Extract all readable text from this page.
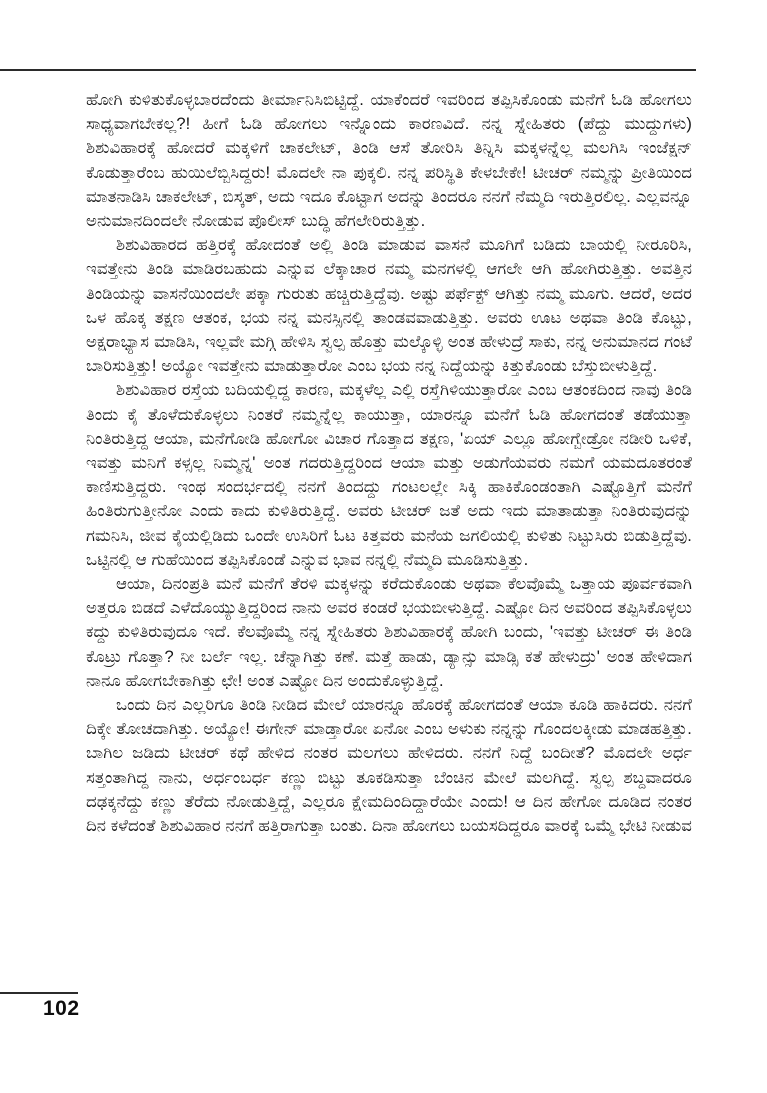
ಹೋಗಿ ಕುಳಿತುಕೊಳ್ಳಬಾರದೆಂದು ತೀರ್ಮಾನಿಸಿಬಿಟ್ಟಿದ್ದೆ. ಯಾಕೆಂದರೆ ಇವರಿಂದ ತಪ್ಪಿಸಿಕೊಂಡು ಮನೆಗೆ ಓಡಿ ಹೋಗಲು ಸಾಧ್ಯವಾಗಬೇಕಲ್ಲ?! ಹೀಗೆ ಓಡಿ ಹೋಗಲು ಇನ್ನೊಂದು ಕಾರಣವಿದೆ. ನನ್ನ ಸ್ನೇಹಿತರು (ಪೆದ್ದು ಮುದ್ದುಗಳು) ಶಿಶುವಿಹಾರಕ್ಕೆ ಹೋದರೆ ಮಕ್ಕಳಿಗೆ ಚಾಕಲೇಟ್, ತಿಂಡಿ ಆಸೆ ತೋರಿಸಿ ತಿನ್ನಿಸಿ ಮಕ್ಕಳನ್ನೆಲ್ಲ ಮಲಗಿಸಿ ಇಂಜೆಕ್ಷನ್ ಕೊಡುತ್ತಾರೆಂಬ ಹುಯಿಲೆಬ್ಬಿಸಿದ್ದರು! ಮೊದಲೇ ನಾ ಪುಕ್ಕಲಿ. ನನ್ನ ಪರಿಸ್ಥಿತಿ ಕೇಳಬೇಕೇ! ಟೀಚರ್ ನಮ್ಮನ್ನು ಪ್ರೀತಿಯಿಂದ ಮಾತನಾಡಿಸಿ ಚಾಕಲೇಟ್, ಬಿಸ್ಕತ್, ಅದು ಇದೂ ಕೊಟ್ಟಾಗ ಅದನ್ನು ತಿಂದರೂ ನನಗೆ ನೆಮ್ಮದಿ ಇರುತ್ತಿರಲಿಲ್ಲ. ಎಲ್ಲವನ್ನೂ ಅನುಮಾನದಿಂದಲೇ ನೋಡುವ ಪೊಲೀಸ್ ಬುದ್ಧಿ ಹೆಗಲೇರಿರುತ್ತಿತ್ತು.

ಶಿಶುವಿಹಾರದ ಹತ್ತಿರಕ್ಕೆ ಹೋದಂತೆ ಅಲ್ಲಿ ತಿಂಡಿ ಮಾಡುವ ವಾಸನೆ ಮೂಗಿಗೆ ಬಡಿದು ಬಾಯಲ್ಲಿ ನೀರೂರಿಸಿ, ಇವತ್ತೇನು ತಿಂಡಿ ಮಾಡಿರಬಹುದು ಎನ್ನುವ ಲೆಕ್ಕಾಚಾರ ನಮ್ಮ ಮನಗಳಲ್ಲಿ ಆಗಲೇ ಆಗಿ ಹೋಗಿರುತ್ತಿತ್ತು. ಅವತ್ತಿನ ತಿಂಡಿಯನ್ನು ವಾಸನೆಯಿಂದಲೇ ಪಕ್ಕಾ ಗುರುತು ಹಚ್ಚಿರುತ್ತಿದ್ದೆವು. ಅಷ್ಟು ಪರ್ಫೆಕ್ಟ್ ಆಗಿತ್ತು ನಮ್ಮ ಮೂಗು. ಆದರೆ, ಅದರ ಒಳ ಹೊಕ್ಕ ತಕ್ಷಣ ಆತಂಕ, ಭಯ ನನ್ನ ಮನಸ್ಸಿನಲ್ಲಿ ತಾಂಡವವಾಡುತ್ತಿತ್ತು. ಅವರು ಊಟ ಅಥವಾ ತಿಂಡಿ ಕೊಟ್ಟು, ಅಕ್ಷರಾಭ್ಯಾಸ ಮಾಡಿಸಿ, ಇಲ್ಲವೇ ಮಗ್ಗಿ ಹೇಳಿಸಿ ಸ್ವಲ್ಪ ಹೊತ್ತು ಮಲ್ಕೊಳ್ಳಿ ಅಂತ ಹೇಳುದ್ರೆ ಸಾಕು, ನನ್ನ ಅನುಮಾನದ ಗಂಟೆ ಬಾರಿಸುತ್ತಿತ್ತು! ಅಯ್ಯೋ ಇವತ್ತೇನು ಮಾಡುತ್ತಾರೋ ಎಂಬ ಭಯ ನನ್ನ ನಿದ್ದೆಯನ್ನು ಕಿತ್ತುಕೊಂಡು ಬೆಸ್ತುಬೀಳುತ್ತಿದ್ದೆ.

ಶಿಶುವಿಹಾರ ರಸ್ತೆಯ ಬದಿಯಲ್ಲಿದ್ದ ಕಾರಣ, ಮಕ್ಕಳೆಲ್ಲ ಎಲ್ಲಿ ರಸ್ತೆಗಿಳಿಯುತ್ತಾರೋ ಎಂಬ ಆತಂಕದಿಂದ ನಾವು ತಿಂಡಿ ತಿಂದು ಕೈ ತೊಳೆದುಕೊಳ್ಳಲು ನಿಂತರೆ ನಮ್ಮನ್ನೆಲ್ಲ ಕಾಯುತ್ತಾ, ಯಾರನ್ನೂ ಮನೆಗೆ ಓಡಿ ಹೋಗದಂತೆ ತಡೆಯುತ್ತಾ ನಿಂತಿರುತ್ತಿದ್ದ ಆಯಾ, ಮನೆಗೋಡಿ ಹೋಗೋ ವಿಚಾರ ಗೊತ್ತಾದ ತಕ್ಷಣ, 'ಏಯ್ ಎಲ್ಲೂ ಹೋಗ್ಬೇಡ್ರೋ ನಡೀರಿ ಒಳಿಕೆ, ಇವತ್ತು ಮನಿಗೆ ಕಳ್ಸಲ್ಲ ನಿಮ್ಮನ್ನ' ಅಂತ ಗದರುತ್ತಿದ್ದರಿಂದ ಆಯಾ ಮತ್ತು ಅಡುಗೆಯವರು ನಮಗೆ ಯಮದೂತರಂತೆ ಕಾಣಿಸುತ್ತಿದ್ದರು. ಇಂಥ ಸಂದರ್ಭದಲ್ಲಿ ನನಗೆ ತಿಂದದ್ದು ಗಂಟಲಲ್ಲೇ ಸಿಕ್ಕಿ ಹಾಕಿಕೊಂಡಂತಾಗಿ ಎಷ್ಟೊತ್ತಿಗೆ ಮನೆಗೆ ಹಿಂತಿರುಗುತ್ತೀನೋ ಎಂದು ಕಾದು ಕುಳಿತಿರುತ್ತಿದ್ದೆ. ಅವರು ಟೀಚರ್ ಜತೆ ಅದು ಇದು ಮಾತಾಡುತ್ತಾ ನಿಂತಿರುವುದನ್ನು ಗಮನಿಸಿ, ಜೀವ ಕೈಯಲ್ಲಿಡಿದು ಒಂದೇ ಉಸಿರಿಗೆ ಓಟ ಕಿತ್ತವರು ಮನೆಯ ಜಗಲಿಯಲ್ಲಿ ಕುಳಿತು ನಿಟ್ಟುಸಿರು ಬಿಡುತ್ತಿದ್ದೆವು. ಒಟ್ಟಿನಲ್ಲಿ ಆ ಗುಹೆಯಿಂದ ತಪ್ಪಿಸಿಕೊಂಡೆ ಎನ್ನುವ ಭಾವ ನನ್ನಲ್ಲಿ ನೆಮ್ಮದಿ ಮೂಡಿಸುತ್ತಿತ್ತು.

ಆಯಾ, ದಿನಂಪ್ರತಿ ಮನೆ ಮನೆಗೆ ತೆರಳಿ ಮಕ್ಕಳನ್ನು ಕರೆದುಕೊಂಡು ಅಥವಾ ಕೆಲವೊಮ್ಮೆ ಒತ್ತಾಯ ಪೂರ್ವಕವಾಗಿ ಅತ್ತರೂ ಬಿಡದೆ ಎಳೆದೊಯ್ಯುತ್ತಿದ್ದರಿಂದ ನಾನು ಅವರ ಕಂಡರೆ ಭಯಬೀಳುತ್ತಿದ್ದೆ. ಎಷ್ಟೋ ದಿನ ಅವರಿಂದ ತಪ್ಪಿಸಿಕೊಳ್ಳಲು ಕದ್ದು ಕುಳಿತಿರುವುದೂ ಇದೆ. ಕೆಲವೊಮ್ಮೆ ನನ್ನ ಸ್ನೇಹಿತರು ಶಿಶುವಿಹಾರಕ್ಕೆ ಹೋಗಿ ಬಂದು, 'ಇವತ್ತು ಟೀಚರ್ ಈ ತಿಂಡಿ ಕೊಟ್ರು ಗೊತ್ತಾ? ನೀ ಬರ್ಲೆ ಇಲ್ಲ. ಚೆನ್ನಾಗಿತ್ತು ಕಣೆ. ಮತ್ತೆ ಹಾಡು, ಡ್ಯಾನ್ಸು ಮಾಡ್ಸಿ ಕತೆ ಹೇಳುದ್ರು' ಅಂತ ಹೇಳಿದಾಗ ನಾನೂ ಹೋಗಬೇಕಾಗಿತ್ತು ಛೇ! ಅಂತ ಎಷ್ಟೋ ದಿನ ಅಂದುಕೊಳ್ಳುತ್ತಿದ್ದೆ.

ಒಂದು ದಿನ ಎಲ್ಲರಿಗೂ ತಿಂಡಿ ನೀಡಿದ ಮೇಲೆ ಯಾರನ್ನೂ ಹೊರಕ್ಕೆ ಹೋಗದಂತೆ ಆಯಾ ಕೂಡಿ ಹಾಕಿದರು. ನನಗೆ ದಿಕ್ಕೇ ತೋಚದಾಗಿತ್ತು. ಅಯ್ಯೋ! ಈಗೇನ್ ಮಾಡ್ತಾರೋ ಏನೋ ಎಂಬ ಅಳುಕು ನನ್ನನ್ನು ಗೊಂದಲಕ್ಕೀಡು ಮಾಡಹತ್ತಿತ್ತು. ಬಾಗಿಲ ಜಡಿದು ಟೀಚರ್ ಕಥೆ ಹೇಳಿದ ನಂತರ ಮಲಗಲು ಹೇಳಿದರು. ನನಗೆ ನಿದ್ದೆ ಬಂದೀತೆ? ಮೊದಲೇ ಅರ್ಧ ಸತ್ತಂತಾಗಿದ್ದ ನಾನು, ಅರ್ಧಂಬರ್ಧ ಕಣ್ಣು ಬಿಟ್ಟು ತೂಕಡಿಸುತ್ತಾ ಬೆಂಚಿನ ಮೇಲೆ ಮಲಗಿದ್ದೆ. ಸ್ವಲ್ಪ ಶಬ್ದವಾದರೂ ದಢಕ್ಕನೆದ್ದು ಕಣ್ಣು ತೆರೆದು ನೋಡುತ್ತಿದ್ದೆ, ಎಲ್ಲರೂ ಕ್ಷೇಮದಿಂದಿದ್ದಾರೆಯೇ ಎಂದು! ಆ ದಿನ ಹೇಗೋ ದೂಡಿದ ನಂತರ ದಿನ ಕಳೆದಂತೆ ಶಿಶುವಿಹಾರ ನನಗೆ ಹತ್ತಿರಾಗುತ್ತಾ ಬಂತು. ದಿನಾ ಹೋಗಲು ಬಯಸದಿದ್ದರೂ ವಾರಕ್ಕೆ ಒಮ್ಮೆ ಭೇಟಿ ನೀಡುವ

102
